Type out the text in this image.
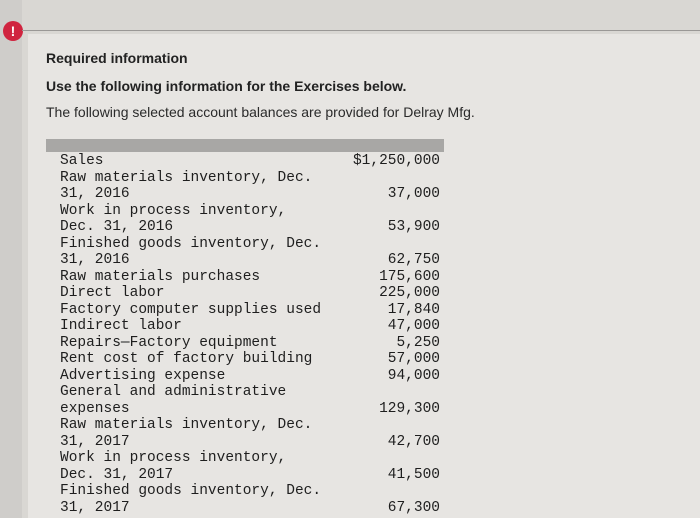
!
Required information
Use the following information for the Exercises below.
The following selected account balances are provided for Delray Mfg.
Sales	$1,250,000
Raw materials inventory, Dec.
31, 2016	37,000
Work in process inventory,
Dec. 31, 2016	53,900
Finished goods inventory, Dec.
31, 2016	62,750
Raw materials purchases	175,600
Direct labor	225,000
Factory computer supplies used	17,840
Indirect labor	47,000
Repairs—Factory equipment	5,250
Rent cost of factory building	57,000
Advertising expense	94,000
General and administrative
expenses	129,300
Raw materials inventory, Dec.
31, 2017	42,700
Work in process inventory,
Dec. 31, 2017	41,500
Finished goods inventory, Dec.
31, 2017	67,300
